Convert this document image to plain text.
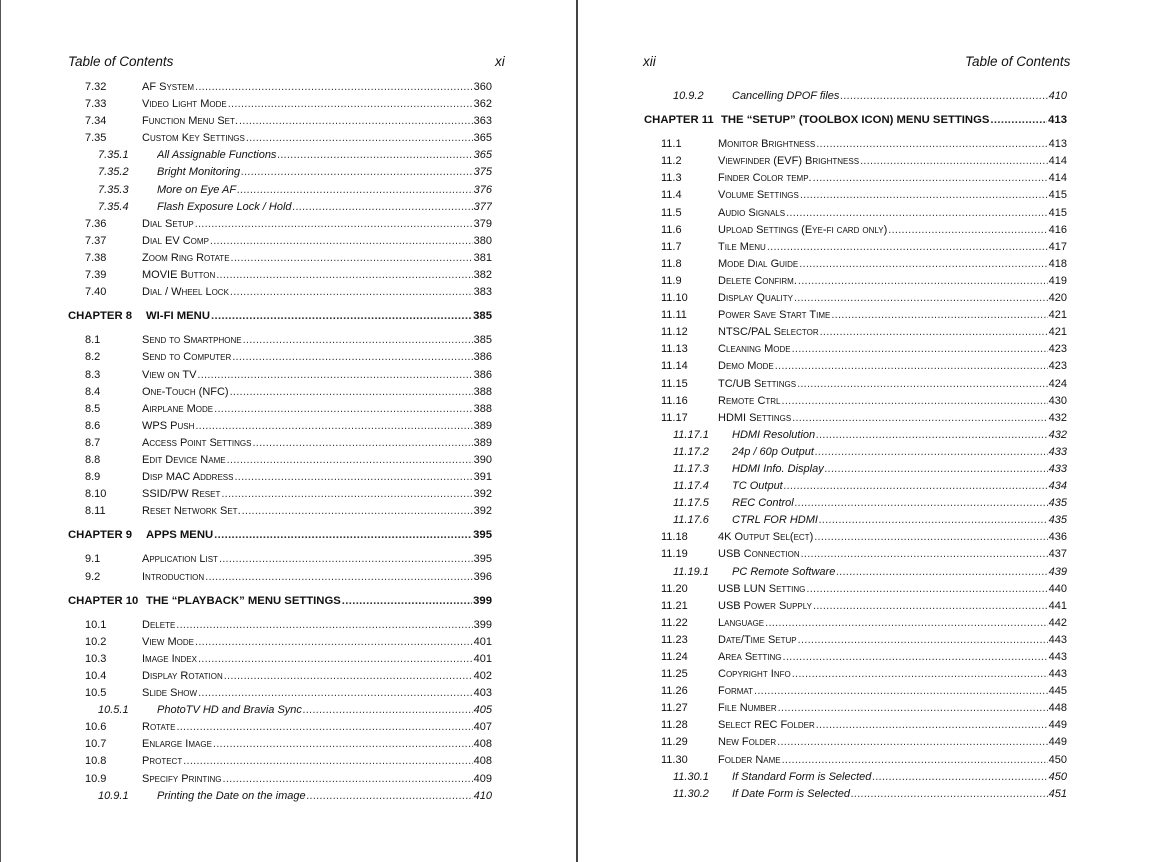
Table of Contents	xi
7.32	AF System . . .	360
7.33	Video Light Mode . . .	362
7.34	Function Menu Set. . . .	363
7.35	Custom Key Settings . . .	365
7.35.1	All Assignable Functions . . .	365
7.35.2	Bright Monitoring . . .	375
7.35.3	More on Eye AF . . .	376
7.35.4	Flash Exposure Lock / Hold . . .	377
7.36	Dial Setup . . .	379
7.37	Dial EV Comp . . .	380
7.38	Zoom Ring Rotate . . .	381
7.39	MOVIE Button . . .	382
7.40	Dial / Wheel Lock . . .	383
CHAPTER 8 WI-FI MENU . . .	385
8.1	Send to Smartphone . . .	385
8.2	Send to Computer . . .	386
8.3	View on TV . . .	386
8.4	One-Touch (NFC) . . .	388
8.5	Airplane Mode . . .	388
8.6	WPS Push . . .	389
8.7	Access Point Settings . . .	389
8.8	Edit Device Name . . .	390
8.9	Disp MAC Address . . .	391
8.10	SSID/PW Reset . . .	392
8.11	Reset Network Set. . . .	392
CHAPTER 9 APPS MENU . . .	395
9.1	Application List . . .	395
9.2	Introduction . . .	396
CHAPTER 10 THE “PLAYBACK” MENU SETTINGS . . .	399
10.1	Delete . . .	399
10.2	View Mode . . .	401
10.3	Image Index . . .	401
10.4	Display Rotation . . .	402
10.5	Slide Show . . .	403
10.5.1	PhotoTV HD and Bravia Sync . . .	405
10.6	Rotate . . .	407
10.7	Enlarge Image . . .	408
10.8	Protect . . .	408
10.9	Specify Printing . . .	409
10.9.1	Printing the Date on the image . . .	410
xii	Table of Contents
10.9.2	Cancelling DPOF files . . .	410
CHAPTER 11 THE “SETUP” (TOOLBOX ICON) MENU SETTINGS . . .	413
11.1	Monitor Brightness . . .	413
11.2	Viewfinder (EVF) Brightness . . .	414
11.3	Finder Color temp. . . .	414
11.4	Volume Settings . . .	415
11.5	Audio Signals . . .	415
11.6	Upload Settings (Eye-fi card only) . . .	416
11.7	Tile Menu . . .	417
11.8	Mode Dial Guide . . .	418
11.9	Delete Confirm. . . .	419
11.10	Display Quality . . .	420
11.11	Power Save Start Time . . .	421
11.12	NTSC/PAL Selector . . .	421
11.13	Cleaning Mode . . .	423
11.14	Demo Mode . . .	423
11.15	TC/UB Settings . . .	424
11.16	Remote Ctrl . . .	430
11.17	HDMI Settings . . .	432
11.17.1 HDMI Resolution . . .	432
11.17.2 24p / 60p Output . . .	433
11.17.3 HDMI Info. Display . . .	433
11.17.4 TC Output . . .	434
11.17.5 REC Control . . .	435
11.17.6 CTRL FOR HDMI . . .	435
11.18	4K Output Sel(ect) . . .	436
11.19	USB Connection . . .	437
11.19.1 PC Remote Software . . .	439
11.20	USB LUN Setting . . .	440
11.21	USB Power Supply . . .	441
11.22	Language . . .	442
11.23	Date/Time Setup . . .	443
11.24	Area Setting . . .	443
11.25	Copyright Info . . .	443
11.26	Format . . .	445
11.27	File Number . . .	448
11.28	Select REC Folder . . .	449
11.29	New Folder . . .	449
11.30	Folder Name . . .	450
11.30.1 If Standard Form is Selected . . .	450
11.30.2 If Date Form is Selected . . .	451
